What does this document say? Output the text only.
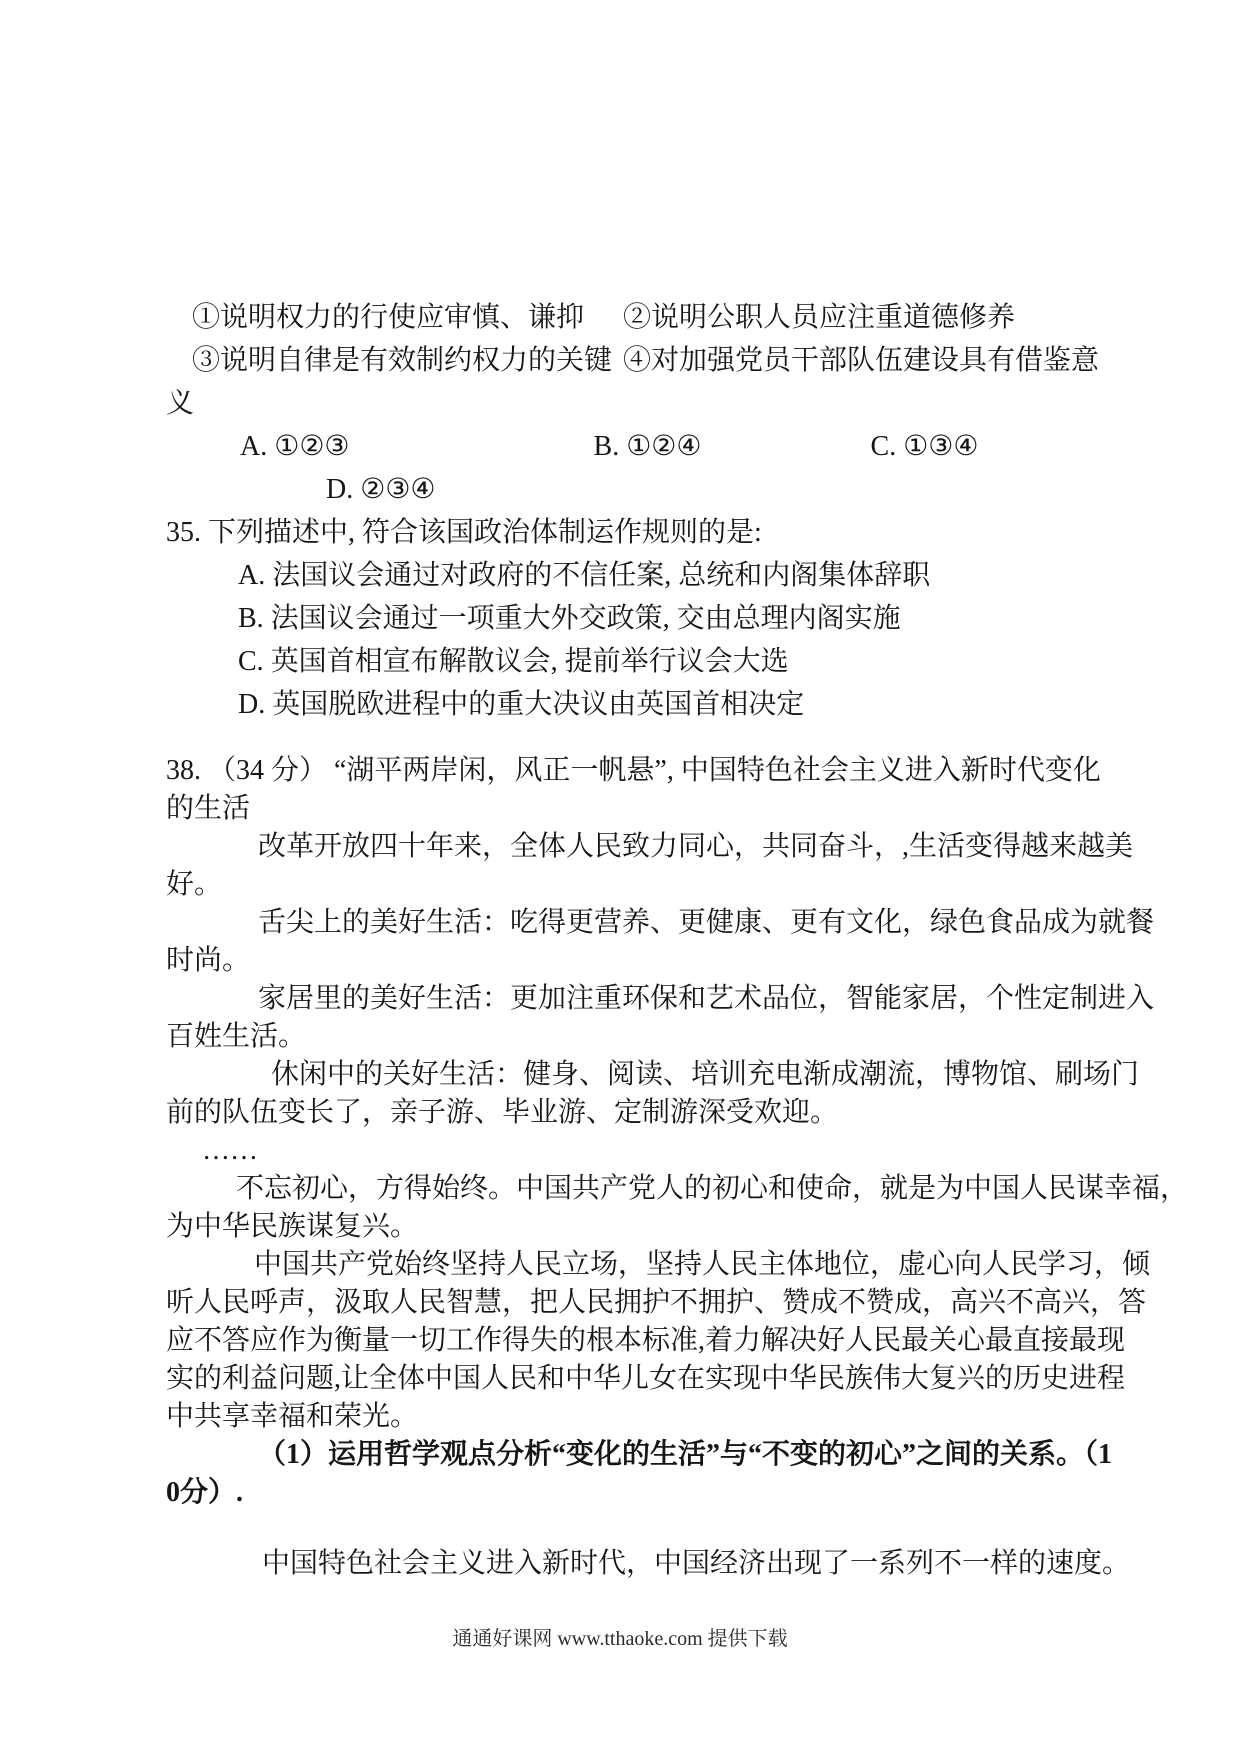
①说明权力的行使应审慎、谦抑 ②说明公职人员应注重道德修养
③说明自律是有效制约权力的关键 ④对加强党员干部队伍建设具有借鉴意
义
A. ①②③	B. ①②④	C. ①③④
D. ②③④
35. 下列描述中, 符合该国政治体制运作规则的是:
A. 法国议会通过对政府的不信任案, 总统和内阁集体辞职
B. 法国议会通过一项重大外交政策, 交由总理内阁实施
C. 英国首相宣布解散议会, 提前举行议会大选
D. 英国脱欧进程中的重大决议由英国首相决定
38. （34 分） “湖平两岸闲，风正一帆悬”, 中国特色社会主义进入新时代变化
的生活
改革开放四十年来，全体人民致力同心，共同奋斗，,生活变得越来越美
好。
舌尖上的美好生活：吃得更营养、更健康、更有文化，绿色食品成为就餐
时尚。
家居里的美好生活：更加注重环保和艺术品位，智能家居，个性定制进入
百姓生活。
休闲中的关好生活：健身、阅读、培训充电渐成潮流，博物馆、刷场门
前的队伍变长了，亲子游、毕业游、定制游深受欢迎。
……
不忘初心，方得始终。中国共产党人的初心和使命，就是为中国人民谋幸福，
为中华民族谋复兴。
中国共产党始终坚持人民立场，坚持人民主体地位，虚心向人民学习，倾
听人民呼声，汲取人民智慧，把人民拥护不拥护、赞成不赞成，高兴不高兴，答
应不答应作为衡量一切工作得失的根本标准,着力解决好人民最关心最直接最现
实的利益问题,让全体中国人民和中华儿女在实现中华民族伟大复兴的历史进程
中共享幸福和荣光。
（1）运用哲学观点分析“变化的生活”与“不变的初心”之间的关系。（1
0分）.
中国特色社会主义进入新时代，中国经济出现了一系列不一样的速度。
通通好课网 www.tthaoke.com 提供下载
